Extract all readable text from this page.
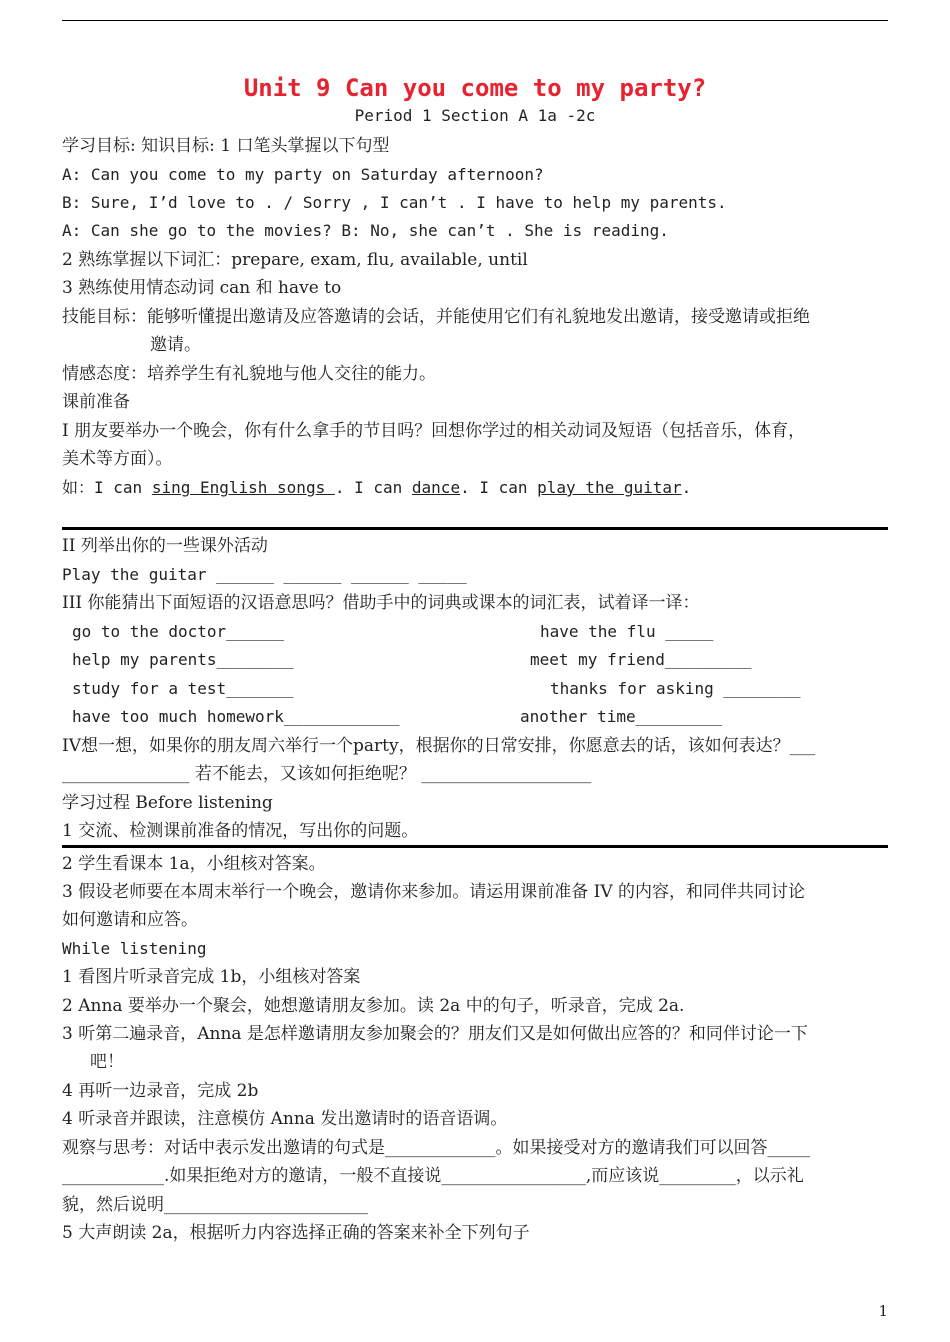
Unit 9 Can you come to my party?
Period 1 Section A 1a -2c
学习目标: 知识目标: 1 口笔头掌握以下句型
A: Can you come to my party on Saturday afternoon?
B: Sure, I’d love to . / Sorry , I can’t . I have to help my parents.
A: Can she go to the movies? B: No, she can’t . She is reading.
2 熟练掌握以下词汇：prepare, exam, flu, available, until
3 熟练使用情态动词 can 和 have to
技能目标：能够听懂提出邀请及应答邀请的会话，并能使用它们有礼貌地发出邀请，接受邀请或拒绝
邀请。
情感态度：培养学生有礼貌地与他人交往的能力。
课前准备
I 朋友要举办一个晚会，你有什么拿手的节目吗？回想你学过的相关动词及短语（包括音乐，体育，
美术等方面）。
如：I can sing English songs . I can dance. I can play the guitar.
II 列举出你的一些课外活动
Play the guitar ______ ______ ______ _____
III 你能猜出下面短语的汉语意思吗？借助手中的词典或课本的词汇表，试着译一译：
go to the doctor______	have the flu _____
help my parents________	meet my friend_________
study for a test_______	thanks for asking ________
have too much homework____________	another time_________
IV想一想，如果你的朋友周六举行一个party，根据你的日常安排，你愿意去的话，该如何表达？___
_______________ 若不能去，又该如何拒绝呢？ ____________________
学习过程 Before listening
1 交流、检测课前准备的情况，写出你的问题。
2 学生看课本 1a，小组核对答案。
3 假设老师要在本周末举行一个晚会，邀请你来参加。请运用课前准备 IV 的内容，和同伴共同讨论
如何邀请和应答。
While listening
1 看图片听录音完成 1b，小组核对答案
2 Anna 要举办一个聚会，她想邀请朋友参加。读 2a 中的句子，听录音，完成 2a.
3 听第二遍录音，Anna 是怎样邀请朋友参加聚会的？朋友们又是如何做出应答的？和同伴讨论一下
吧！
4 再听一边录音，完成 2b
4 听录音并跟读，注意模仿 Anna 发出邀请时的语音语调。
观察与思考：对话中表示发出邀请的句式是_____________。如果接受对方的邀请我们可以回答_____
____________.如果拒绝对方的邀请，一般不直接说_________________,而应该说_________，以示礼
貌，然后说明________________________
5 大声朗读 2a，根据听力内容选择正确的答案来补全下列句子
1
